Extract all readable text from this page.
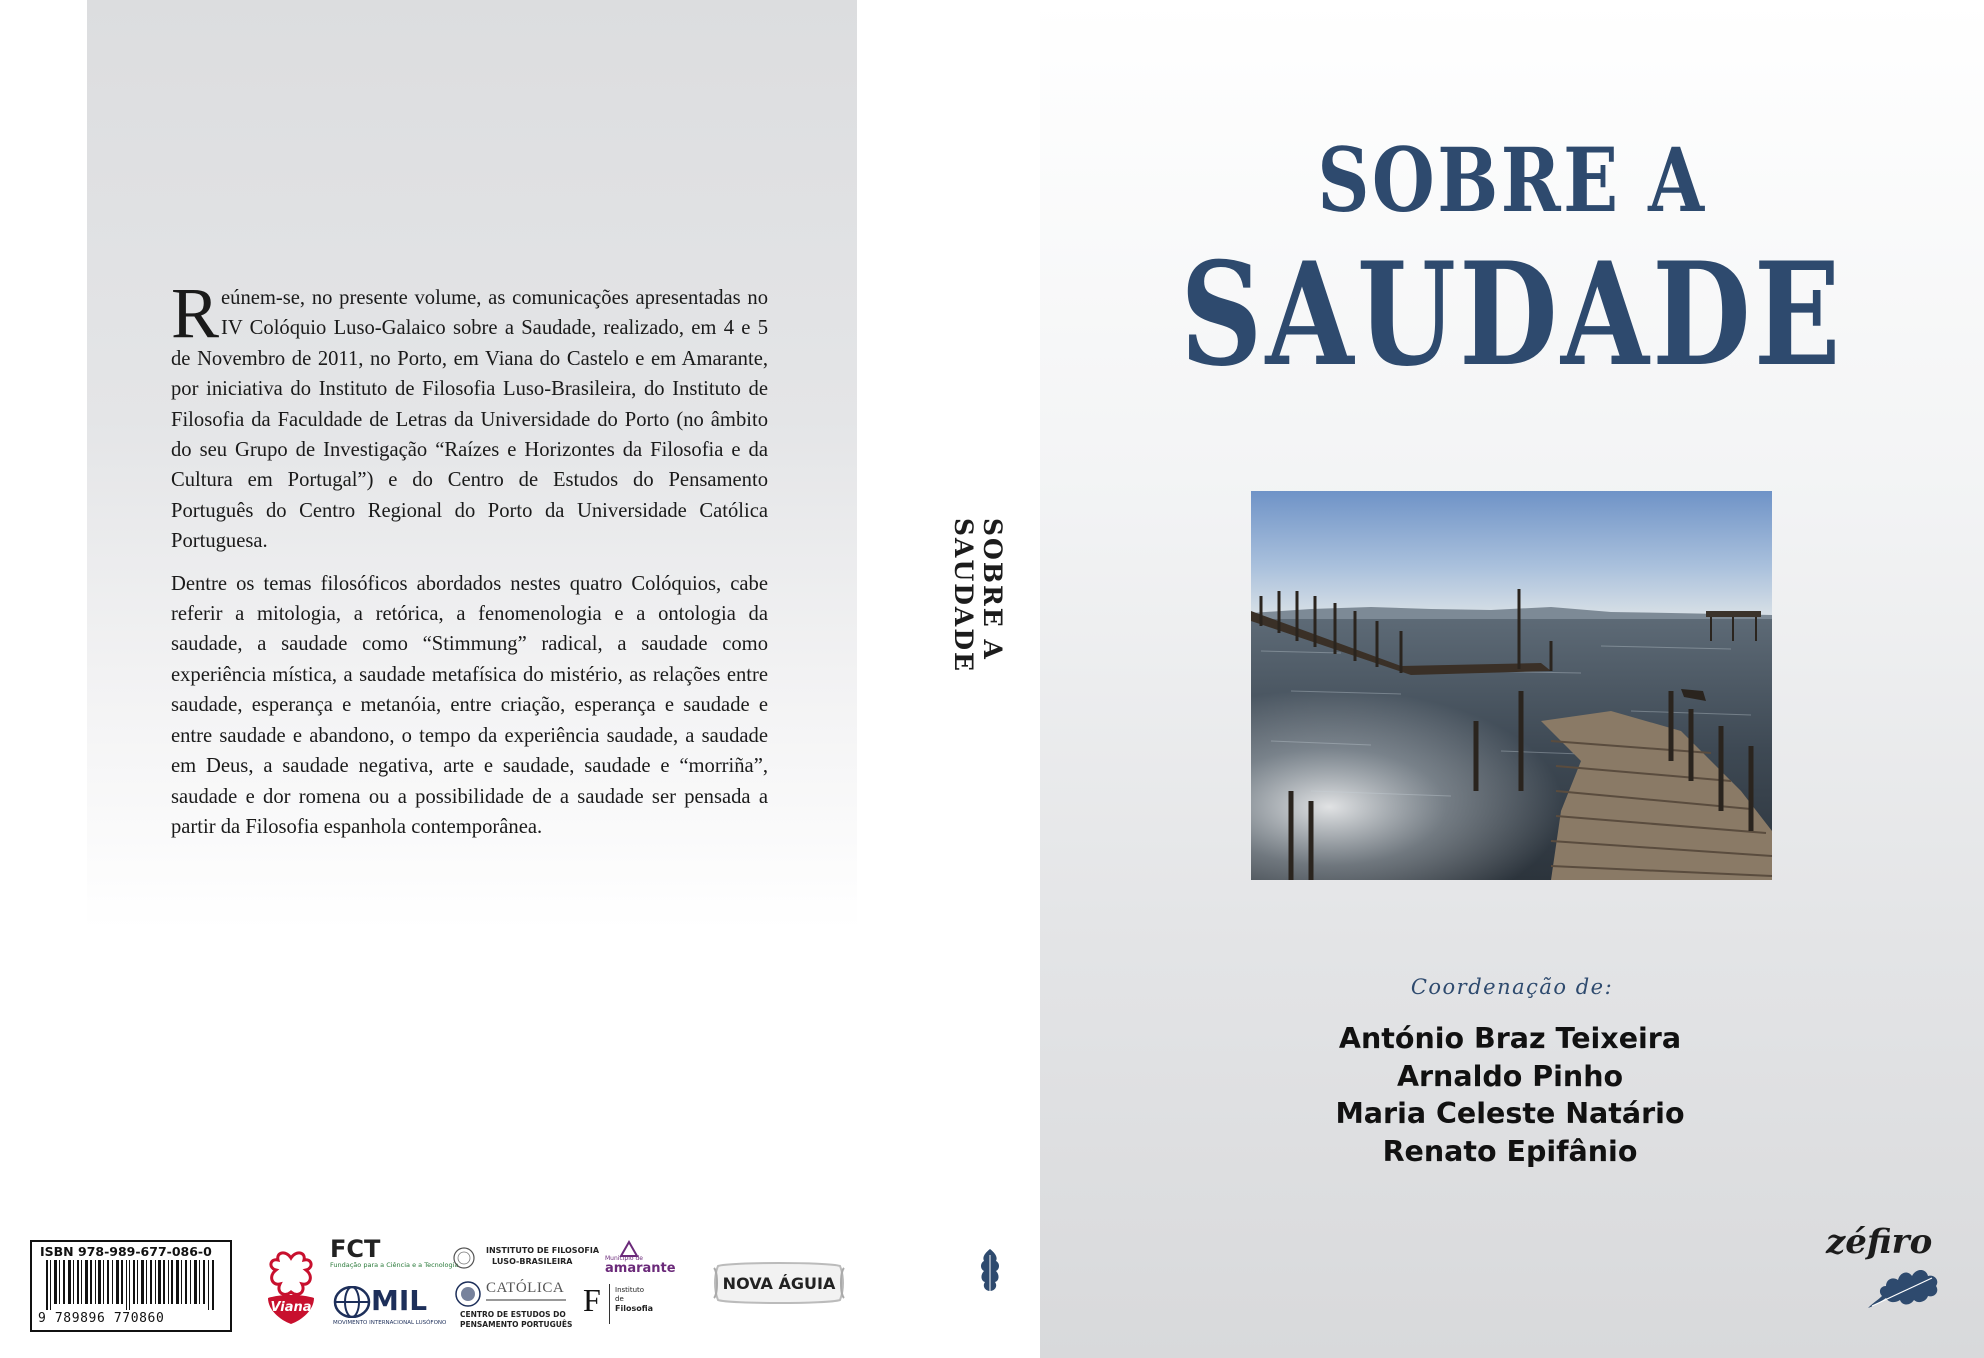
Reúnem-se, no presente volume, as comunicações apresentadas no IV Colóquio Luso-Galaico sobre a Saudade, realizado, em 4 e 5 de Novembro de 2011, no Porto, em Viana do Castelo e em Amarante, por iniciativa do Instituto de Filosofia Luso-Brasileira, do Instituto de Filosofia da Faculdade de Letras da Universidade do Porto (no âmbito do seu Grupo de Investigação “Raízes e Horizontes da Filosofia e da Cultura em Portugal”) e do Centro de Estudos do Pensamento Português do Centro Regional do Porto da Universidade Católica Portuguesa.

Dentre os temas filosóficos abordados nestes quatro Colóquios, cabe referir a mitologia, a retórica, a fenomenologia e a ontologia da saudade, a saudade como “Stimmung” radical, a saudade como experiência mística, a saudade metafísica do mistério, as relações entre saudade, esperança e metanóia, entre criação, esperança e saudade e entre saudade e abandono, o tempo da experiência saudade, a saudade em Deus, a saudade negativa, arte e saudade, saudade e “morriña”, saudade e dor romena ou a possibilidade de a saudade ser pensada a partir da Filosofia espanhola contemporânea.

SOBRE A SAUDADE
SOBRE A
SAUDADE
Coordenação de:
António Braz Teixeira
Arnaldo Pinho
Maria Celeste Natário
Renato Epifânio
zéfiro
ISBN 978-989-677-086-0
9 789896 770860
Viana
FCT
Fundação para a Ciência e a Tecnologia
MIL
MOVIMENTO INTERNACIONAL LUSÓFONO
INSTITUTO DE FILOSOFIA
LUSO-BRASILEIRA
CATÓLICA
CENTRO DE ESTUDOS DO
PENSAMENTO PORTUGUÊS
Município de
amarante
F Instituto
de
Filosofia
NOVA ÁGUIA
